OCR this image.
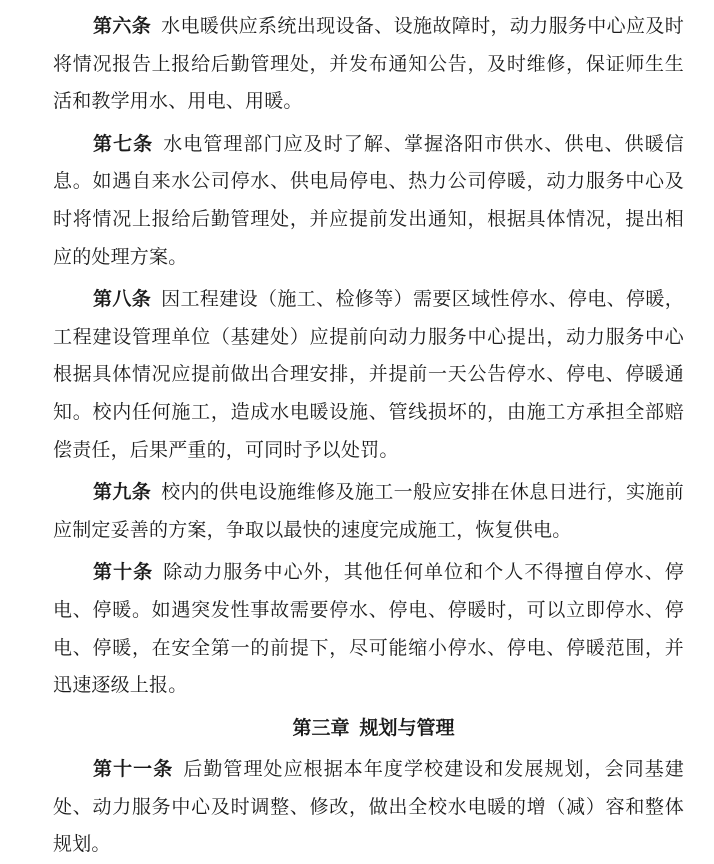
第六条 水电暖供应系统出现设备、设施故障时，动力服务中心应及时将情况报告上报给后勤管理处，并发布通知公告，及时维修，保证师生生活和教学用水、用电、用暖。

第七条 水电管理部门应及时了解、掌握洛阳市供水、供电、供暖信息。如遇自来水公司停水、供电局停电、热力公司停暖，动力服务中心及时将情况上报给后勤管理处，并应提前发出通知，根据具体情况，提出相应的处理方案。

第八条 因工程建设（施工、检修等）需要区域性停水、停电、停暖，工程建设管理单位（基建处）应提前向动力服务中心提出，动力服务中心根据具体情况应提前做出合理安排，并提前一天公告停水、停电、停暖通知。校内任何施工，造成水电暖设施、管线损坏的，由施工方承担全部赔偿责任，后果严重的，可同时予以处罚。

第九条 校内的供电设施维修及施工一般应安排在休息日进行，实施前应制定妥善的方案，争取以最快的速度完成施工，恢复供电。

第十条 除动力服务中心外，其他任何单位和个人不得擅自停水、停电、停暖。如遇突发性事故需要停水、停电、停暖时，可以立即停水、停电、停暖，在安全第一的前提下，尽可能缩小停水、停电、停暖范围，并迅速逐级上报。

第三章 规划与管理

第十一条 后勤管理处应根据本年度学校建设和发展规划，会同基建处、动力服务中心及时调整、修改，做出全校水电暖的增（减）容和整体规划。
